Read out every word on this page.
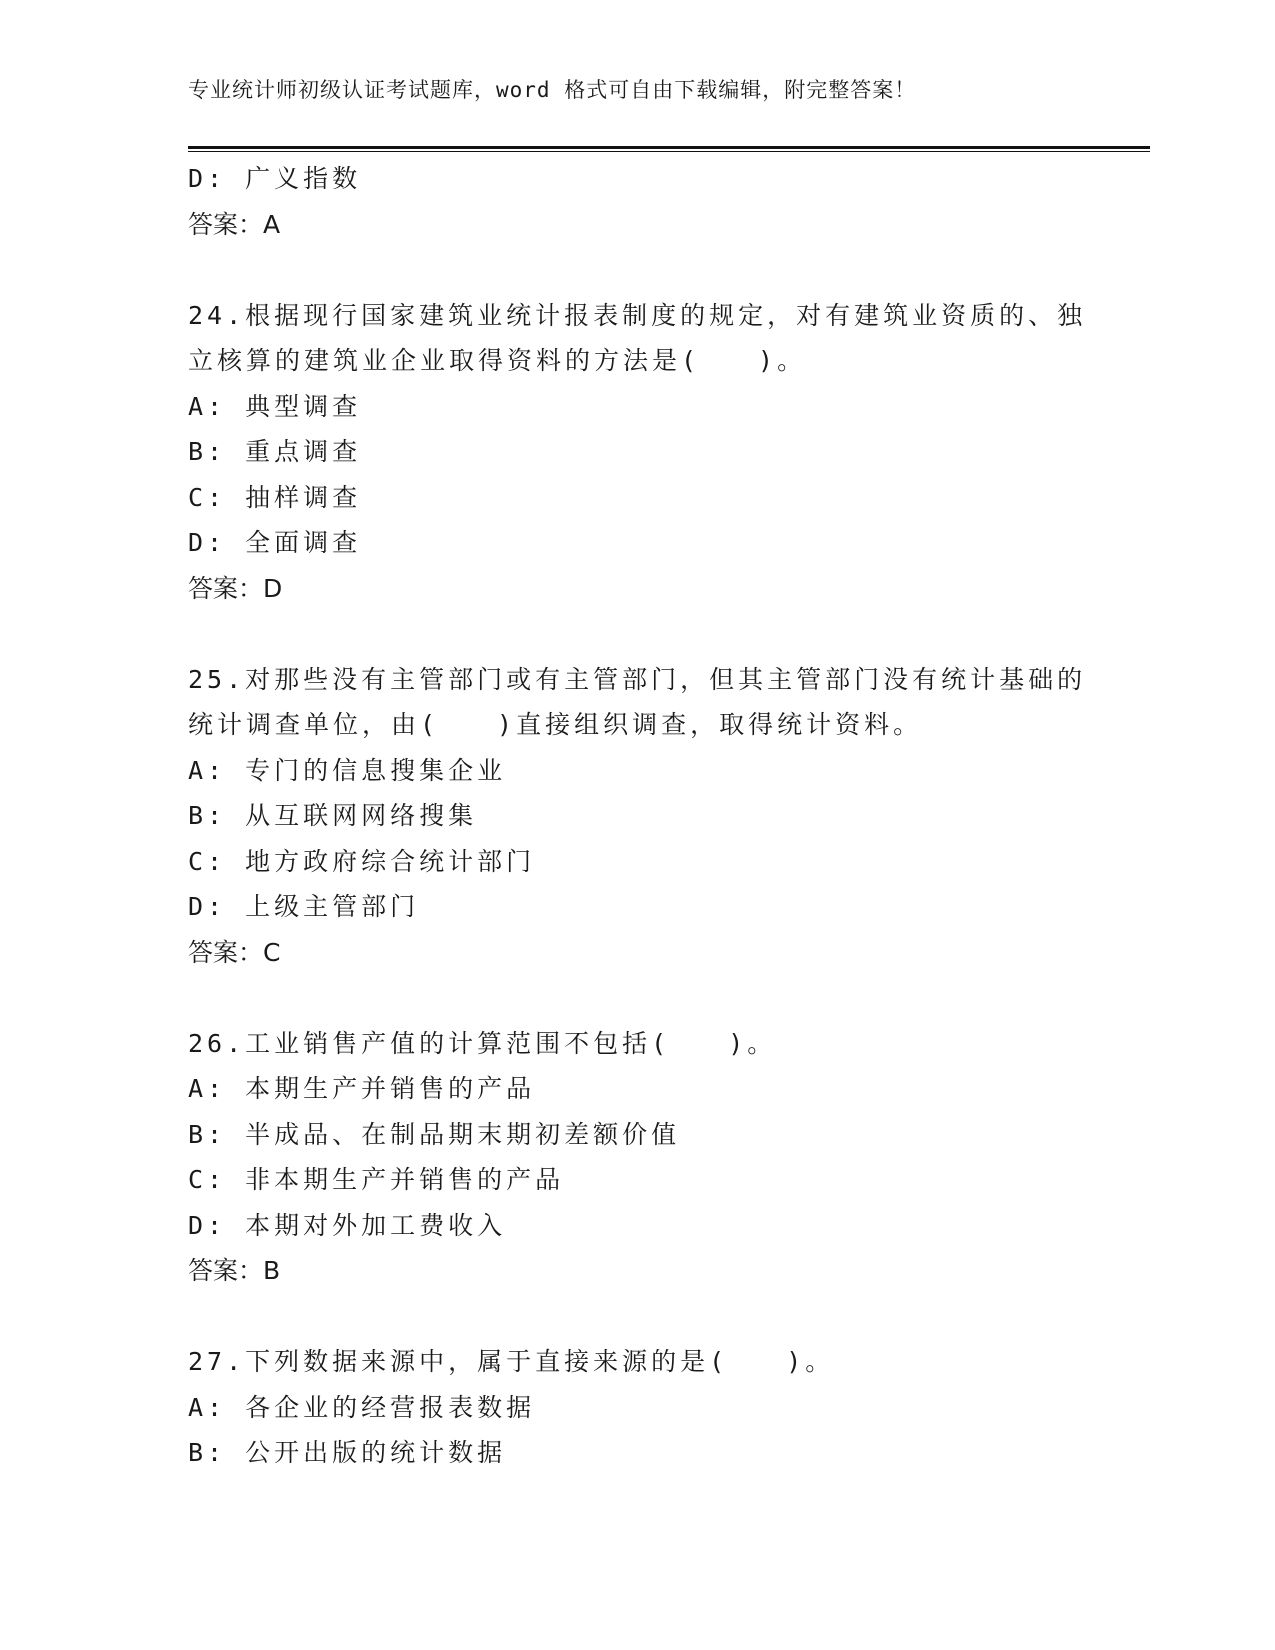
专业统计师初级认证考试题库，word 格式可自由下载编辑，附完整答案！
D: 广义指数
答案：A
24.根据现行国家建筑业统计报表制度的规定，对有建筑业资质的、独
立核算的建筑业企业取得资料的方法是(　　)。
A: 典型调查
B: 重点调查
C: 抽样调查
D: 全面调查
答案：D
25.对那些没有主管部门或有主管部门，但其主管部门没有统计基础的
统计调查单位，由(　　)直接组织调查，取得统计资料。
A: 专门的信息搜集企业
B: 从互联网网络搜集
C: 地方政府综合统计部门
D: 上级主管部门
答案：C
26.工业销售产值的计算范围不包括(　　)。
A: 本期生产并销售的产品
B: 半成品、在制品期末期初差额价值
C: 非本期生产并销售的产品
D: 本期对外加工费收入
答案：B
27.下列数据来源中，属于直接来源的是(　　)。
A: 各企业的经营报表数据
B: 公开出版的统计数据
